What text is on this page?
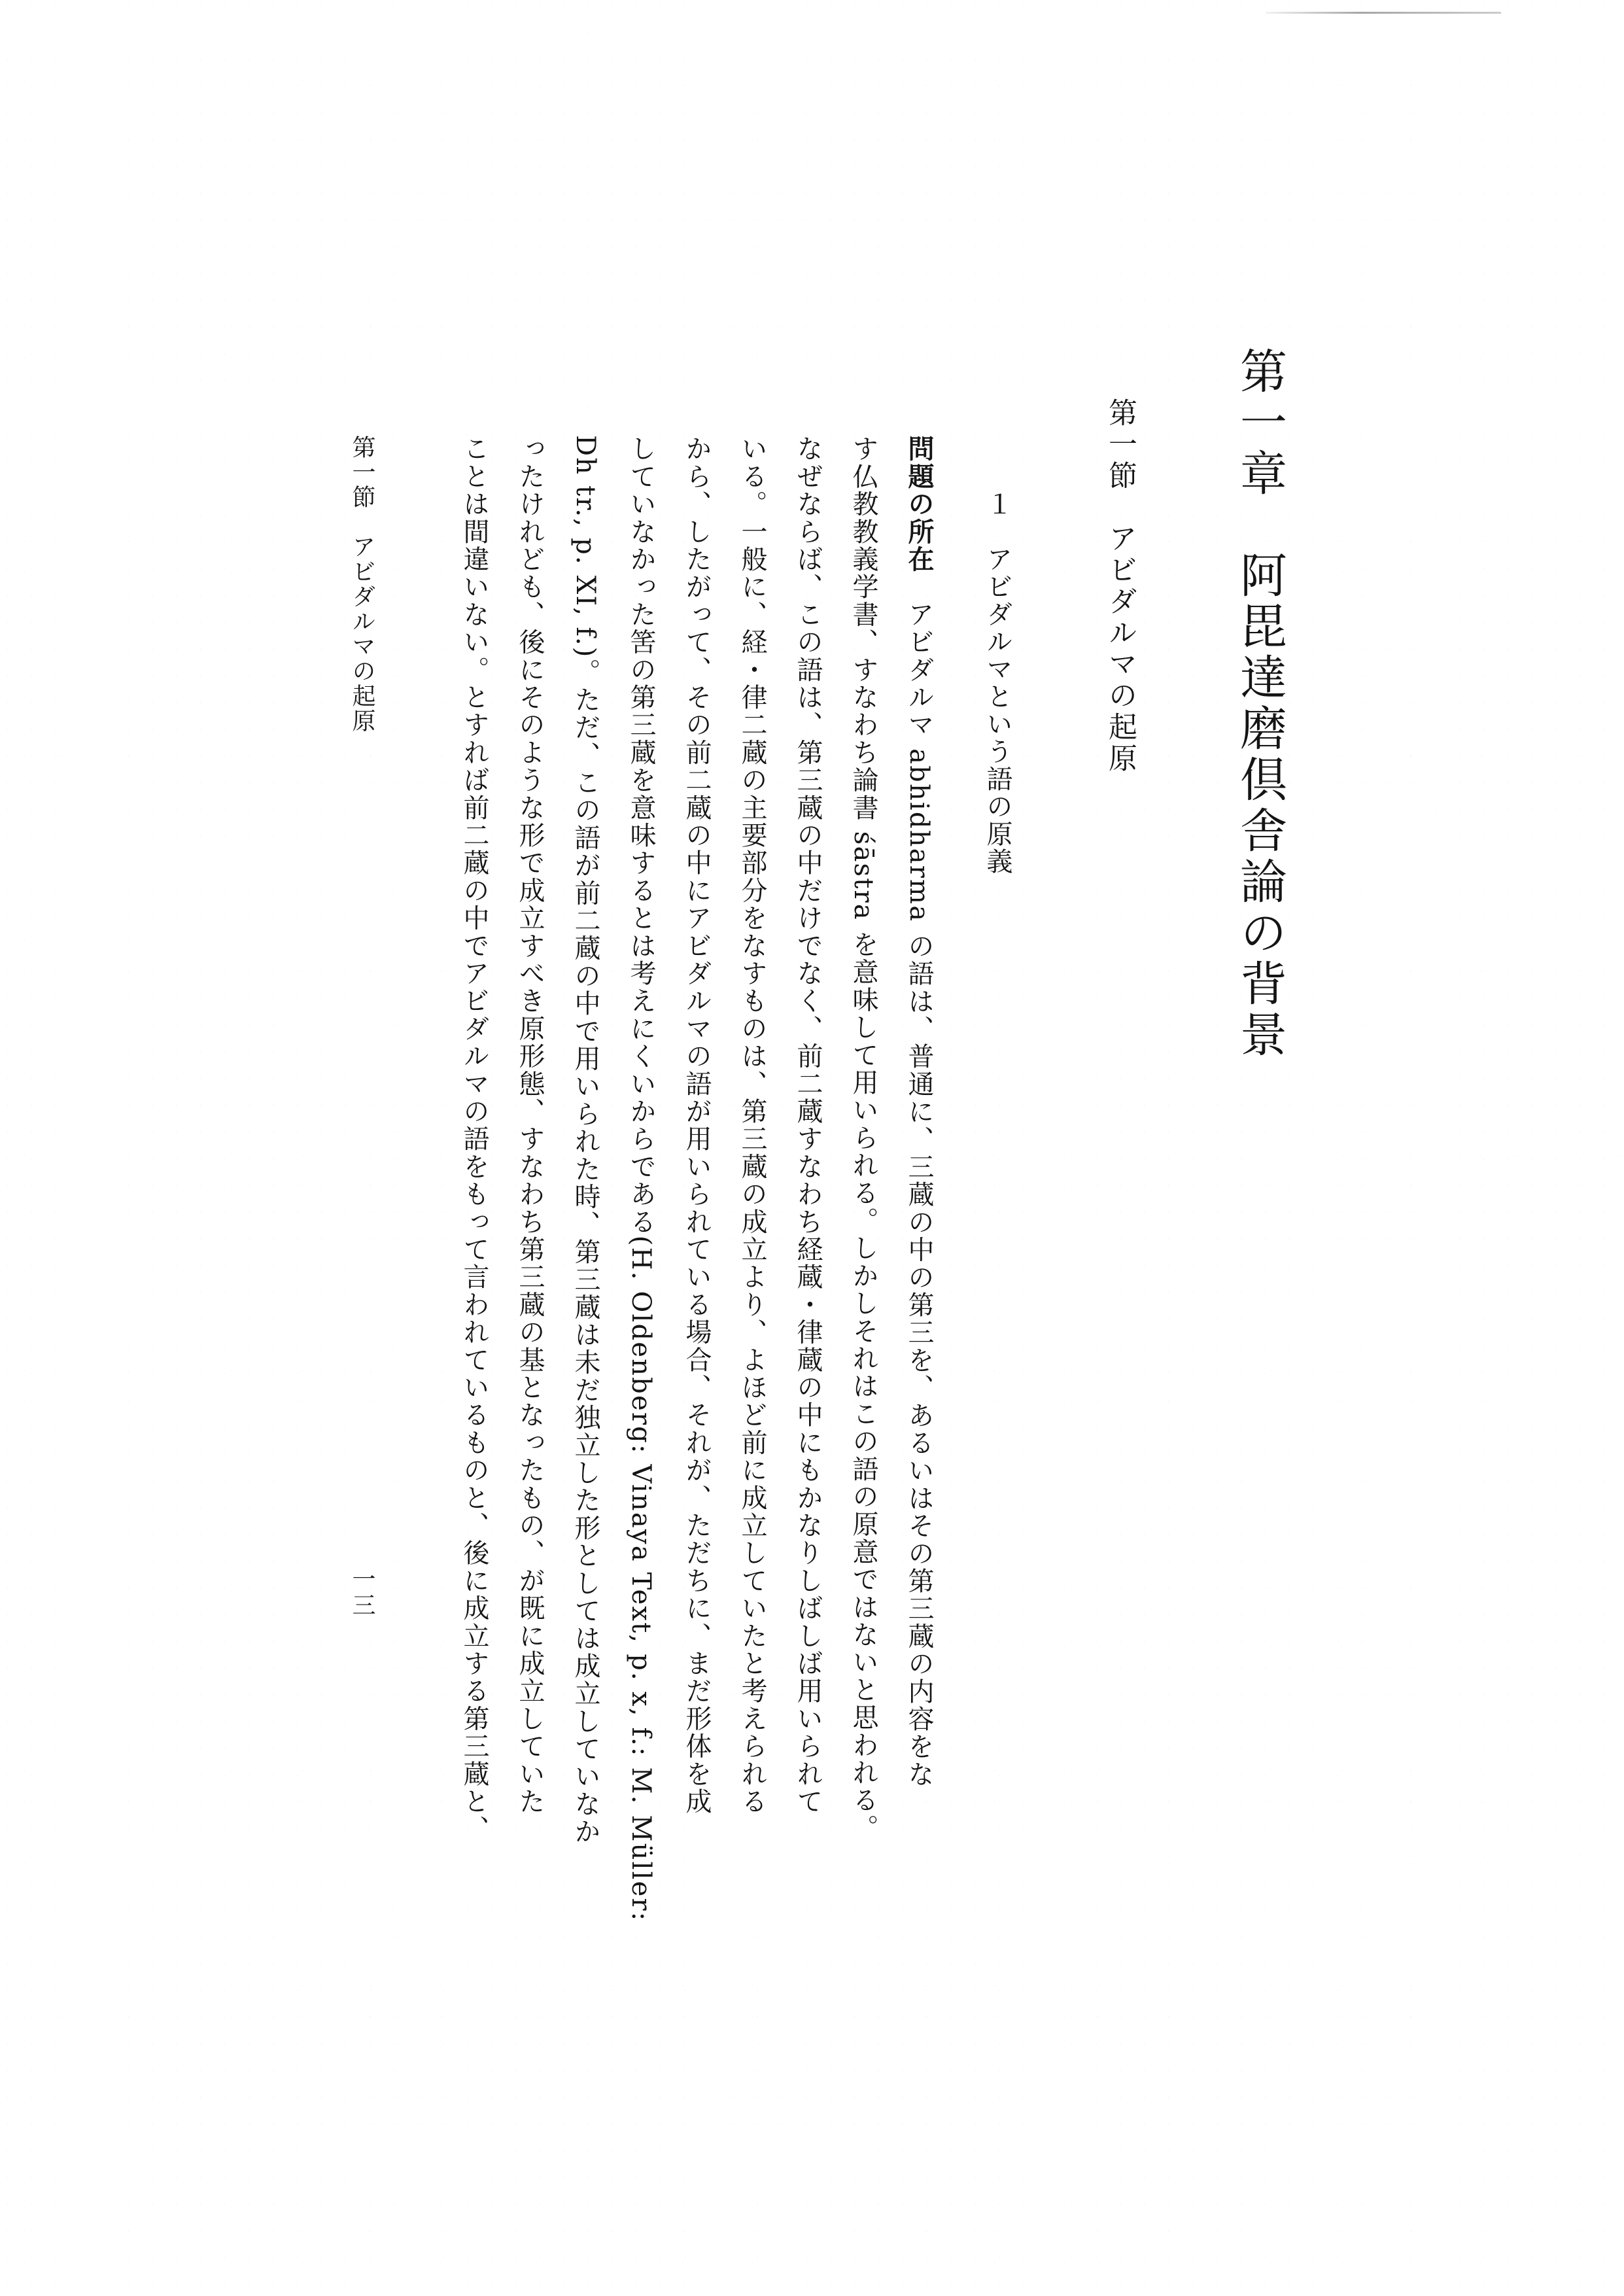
第一章　阿毘達磨倶舎論の背景
第一節　アビダルマの起原
１　アビダルマという語の原義
問題の所在　アビダルマ abhidharma の語は、普通に、三蔵の中の第三を、あるいはその第三蔵の内容をな
す仏教教義学書、すなわち論書 śāstra を意味して用いられる。しかしそれはこの語の原意ではないと思われる。
なぜならば、この語は、第三蔵の中だけでなく、前二蔵すなわち経蔵・律蔵の中にもかなりしばしば用いられて
いる。一般に、経・律二蔵の主要部分をなすものは、第三蔵の成立より、よほど前に成立していたと考えられる
から、したがって、その前二蔵の中にアビダルマの語が用いられている場合、それが、ただちに、まだ形体を成
していなかった筈の第三蔵を意味するとは考えにくいからである(H. Oldenberg: Vinaya Text, p. x, f.: M. Müller:
Dh tr., p. XI, f.)。ただ、この語が前二蔵の中で用いられた時、第三蔵は未だ独立した形としては成立していなか
ったけれども、後にそのような形で成立すべき原形態、すなわち第三蔵の基となったもの、が既に成立していた
ことは間違いない。とすれば前二蔵の中でアビダルマの語をもって言われているものと、後に成立する第三蔵と、
第一節　アビダルマの起原
一三
